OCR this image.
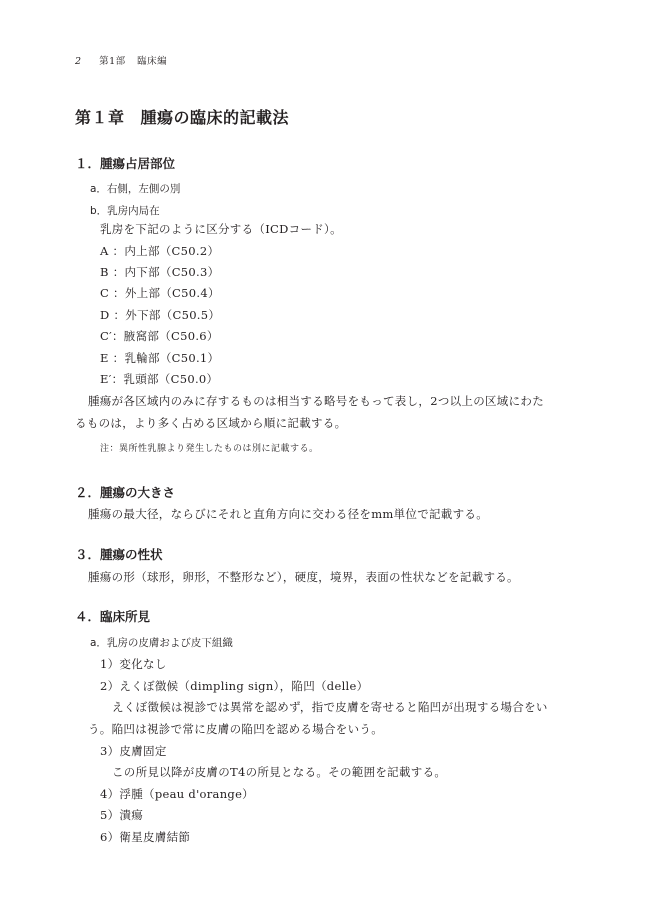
2 第1部 臨床編
第１章 腫瘍の臨床的記載法
１．腫瘍占居部位
a．右側，左側の別
b．乳房内局在
乳房を下記のように区分する（ICDコード）。
A ：内上部（C50.2）
B ：内下部（C50.3）
C ：外上部（C50.4）
D ：外下部（C50.5）
C′：腋窩部（C50.6）
E ：乳輪部（C50.1）
E′：乳頭部（C50.0）
腫瘍が各区域内のみに存するものは相当する略号をもって表し，2つ以上の区域にわた
るものは，より多く占める区域から順に記載する。
注：異所性乳腺より発生したものは別に記載する。
２．腫瘍の大きさ
腫瘍の最大径，ならびにそれと直角方向に交わる径をmm単位で記載する。
３．腫瘍の性状
腫瘍の形（球形，卵形，不整形など），硬度，境界，表面の性状などを記載する。
４．臨床所見
a．乳房の皮膚および皮下組織
1）変化なし
2）えくぼ徴候（dimpling sign），陥凹（delle）
えくぼ徴候は視診では異常を認めず，指で皮膚を寄せると陥凹が出現する場合をい
う。陥凹は視診で常に皮膚の陥凹を認める場合をいう。
3）皮膚固定
この所見以降が皮膚のT4の所見となる。その範囲を記載する。
4）浮腫（peau d'orange）
5）潰瘍
6）衛星皮膚結節
